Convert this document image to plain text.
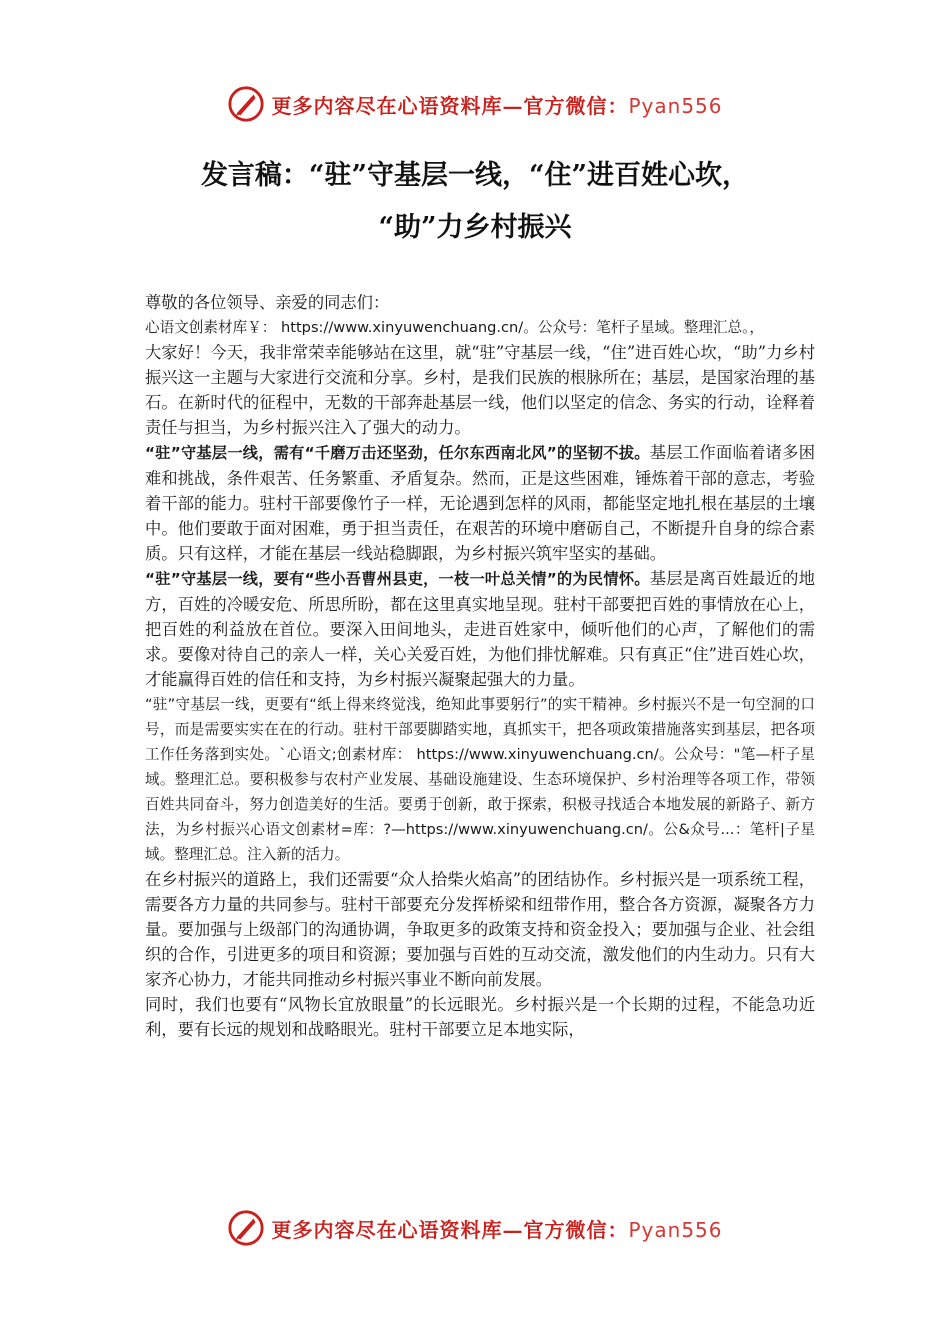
更多内容尽在心语资料库—官方微信：Pyan556
发言稿：“驻”守基层一线，“住”进百姓心坎，
“助”力乡村振兴

尊敬的各位领导、亲爱的同志们：

心语文创素材库￥： https://www.xinyuwenchuang.cn/。公众号：笔杆子星域。整理汇总。，

大家好！今天，我非常荣幸能够站在这里，就“驻”守基层一线，“住”进百姓心坎，“助”力乡村振兴这一主题与大家进行交流和分享。乡村，是我们民族的根脉所在；基层，是国家治理的基石。在新时代的征程中，无数的干部奔赴基层一线，他们以坚定的信念、务实的行动，诠释着责任与担当，为乡村振兴注入了强大的动力。

“驻”守基层一线，需有“千磨万击还坚劲，任尔东西南北风”的坚韧不拔。基层工作面临着诸多困难和挑战，条件艰苦、任务繁重、矛盾复杂。然而，正是这些困难，锤炼着干部的意志，考验着干部的能力。驻村干部要像竹子一样，无论遇到怎样的风雨，都能坚定地扎根在基层的土壤中。他们要敢于面对困难，勇于担当责任，在艰苦的环境中磨砺自己，不断提升自身的综合素质。只有这样，才能在基层一线站稳脚跟，为乡村振兴筑牢坚实的基础。

“驻”守基层一线，要有“些小吾曹州县吏，一枝一叶总关情”的为民情怀。基层是离百姓最近的地方，百姓的冷暖安危、所思所盼，都在这里真实地呈现。驻村干部要把百姓的事情放在心上，把百姓的利益放在首位。要深入田间地头，走进百姓家中，倾听他们的心声，了解他们的需求。要像对待自己的亲人一样，关心关爱百姓，为他们排忧解难。只有真正“住”进百姓心坎，才能赢得百姓的信任和支持，为乡村振兴凝聚起强大的力量。

“驻”守基层一线，更要有“纸上得来终觉浅，绝知此事要躬行”的实干精神。乡村振兴不是一句空洞的口号，而是需要实实在在的行动。驻村干部要脚踏实地，真抓实干，把各项政策措施落实到基层，把各项工作任务落到实处。`心语文;创素材库： https://www.xinyuwenchuang.cn/。公众号："笔—杆子星域。整理汇总。要积极参与农村产业发展、基础设施建设、生态环境保护、乡村治理等各项工作，带领百姓共同奋斗，努力创造美好的生活。要勇于创新，敢于探索，积极寻找适合本地发展的新路子、新方法，为乡村振兴心语文创素材=库：?—https://www.xinyuwenchuang.cn/。公&众号...：笔杆|子星域。整理汇总。注入新的活力。

在乡村振兴的道路上，我们还需要“众人拾柴火焰高”的团结协作。乡村振兴是一项系统工程，需要各方力量的共同参与。驻村干部要充分发挥桥梁和纽带作用，整合各方资源，凝聚各方力量。要加强与上级部门的沟通协调，争取更多的政策支持和资金投入；要加强与企业、社会组织的合作，引进更多的项目和资源；要加强与百姓的互动交流，激发他们的内生动力。只有大家齐心协力，才能共同推动乡村振兴事业不断向前发展。

同时，我们也要有“风物长宜放眼量”的长远眼光。乡村振兴是一个长期的过程，不能急功近利，要有长远的规划和战略眼光。驻村干部要立足本地实际，

更多内容尽在心语资料库—官方微信：Pyan556
